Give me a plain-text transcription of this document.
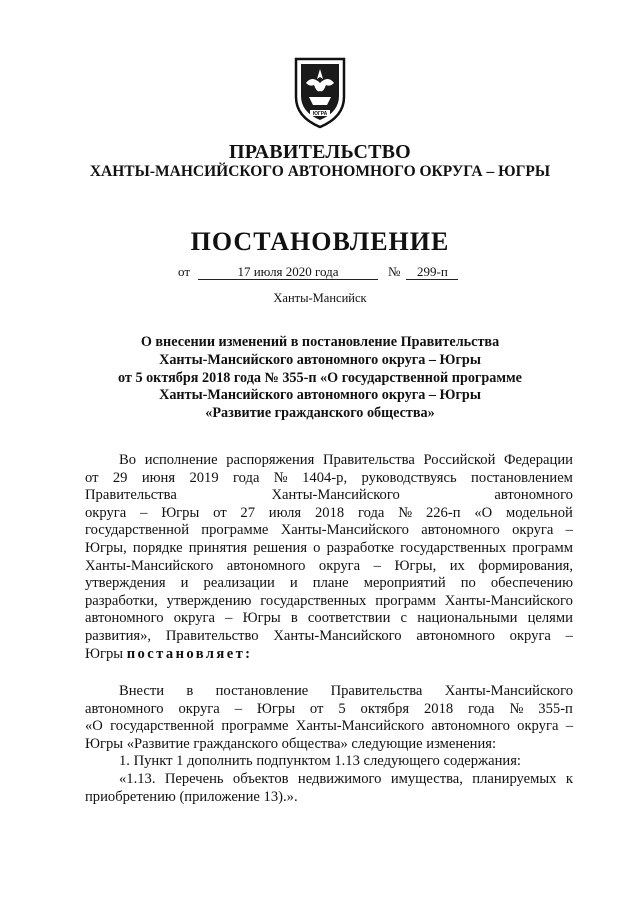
ЮГРА
ПРАВИТЕЛЬСТВО
ХАНТЫ-МАНСИЙСКОГО АВТОНОМНОГО ОКРУГА – ЮГРЫ
ПОСТАНОВЛЕНИЕ
от	17 июля 2020 года	№ 299-п
Ханты-Мансийск
О внесении изменений в постановление Правительства
Ханты-Мансийского автономного округа – Югры
от 5 октября 2018 года № 355-п «О государственной программе
Ханты-Мансийского автономного округа – Югры
«Развитие гражданского общества»
Во исполнение распоряжения Правительства Российской Федерации
от 29 июня 2019 года № 1404-р, руководствуясь постановлением
Правительства	Ханты-Мансийского	автономного
округа – Югры от 27 июля 2018 года № 226-п «О модельной
государственной программе Ханты-Мансийского автономного округа –
Югры, порядке принятия решения о разработке государственных программ
Ханты-Мансийского автономного округа – Югры, их формирования,
утверждения и реализации и плане мероприятий по обеспечению
разработки, утверждению государственных программ Ханты-Мансийского
автономного округа – Югры в соответствии с национальными целями
развития», Правительство Ханты-Мансийского автономного округа –
Югры
постановляет:
Внести в постановление Правительства Ханты-Мансийского
автономного округа – Югры от 5 октября 2018 года № 355-п
«О государственной программе Ханты-Мансийского автономного округа –
Югры «Развитие гражданского общества» следующие изменения:
1. Пункт 1 дополнить подпунктом 1.13 следующего содержания:
«1.13. Перечень объектов недвижимого имущества, планируемых к
приобретению (приложение 13).».
